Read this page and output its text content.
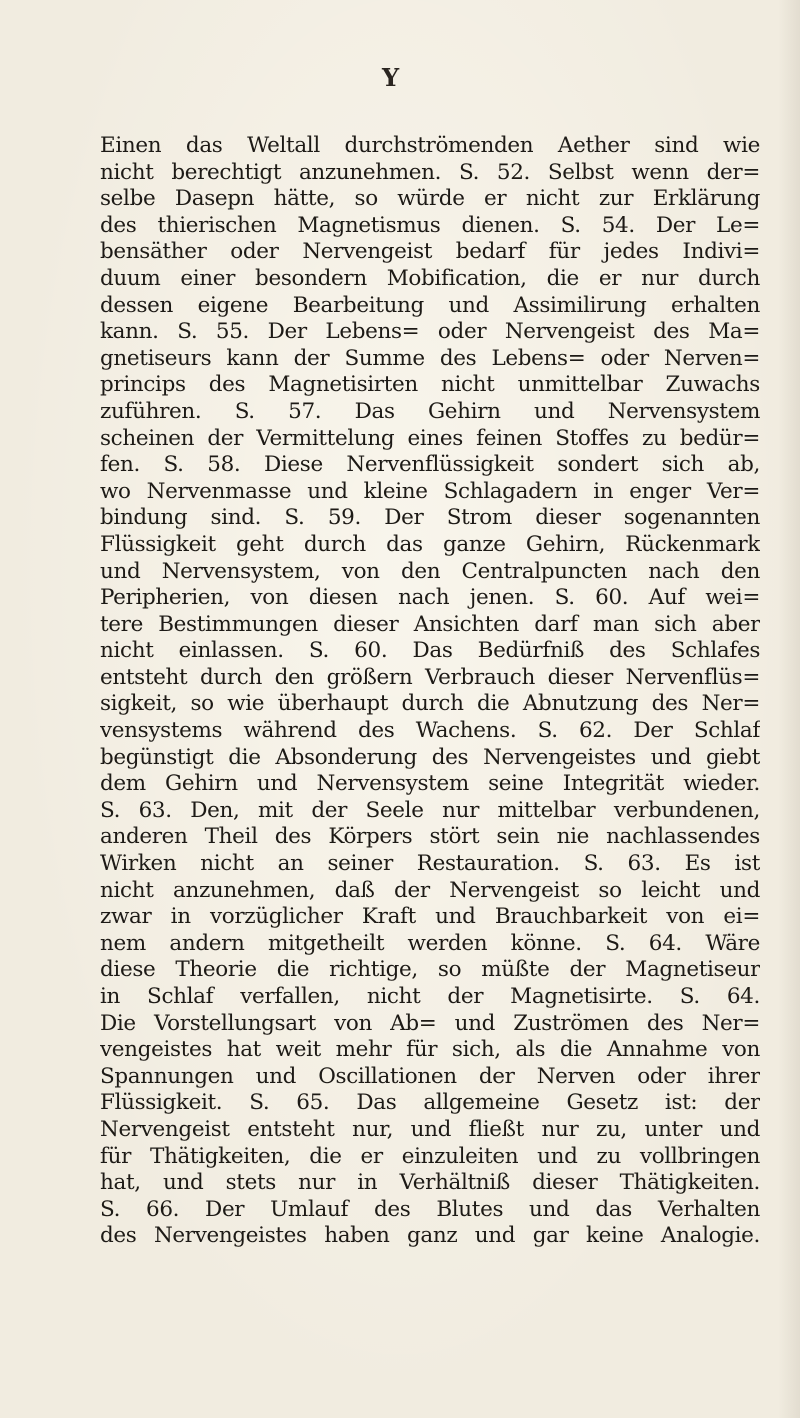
Y
Einen das Weltall durchströmenden Aether sind wie
nicht berechtigt anzunehmen. S. 52. Selbst wenn der=
selbe Dasepn hätte, so würde er nicht zur Erklärung
des thierischen Magnetismus dienen. S. 54. Der Le=
bensäther oder Nervengeist bedarf für jedes Indivi=
duum einer besondern Mobification, die er nur durch
dessen eigene Bearbeitung und Assimilirung erhalten
kann. S. 55. Der Lebens= oder Nervengeist des Ma=
gnetiseurs kann der Summe des Lebens= oder Nerven=
princips des Magnetisirten nicht unmittelbar Zuwachs
zuführen. S. 57. Das Gehirn und Nervensystem
scheinen der Vermittelung eines feinen Stoffes zu bedür=
fen. S. 58. Diese Nervenflüssigkeit sondert sich ab,
wo Nervenmasse und kleine Schlagadern in enger Ver=
bindung sind. S. 59. Der Strom dieser sogenannten
Flüssigkeit geht durch das ganze Gehirn, Rückenmark
und Nervensystem, von den Centralpuncten nach den
Peripherien, von diesen nach jenen. S. 60. Auf wei=
tere Bestimmungen dieser Ansichten darf man sich aber
nicht einlassen. S. 60. Das Bedürfniß des Schlafes
entsteht durch den größern Verbrauch dieser Nervenflüs=
sigkeit, so wie überhaupt durch die Abnutzung des Ner=
vensystems während des Wachens. S. 62. Der Schlaf
begünstigt die Absonderung des Nervengeistes und giebt
dem Gehirn und Nervensystem seine Integrität wieder.
S. 63. Den, mit der Seele nur mittelbar verbundenen,
anderen Theil des Körpers stört sein nie nachlassendes
Wirken nicht an seiner Restauration. S. 63. Es ist
nicht anzunehmen, daß der Nervengeist so leicht und
zwar in vorzüglicher Kraft und Brauchbarkeit von ei=
nem andern mitgetheilt werden könne. S. 64. Wäre
diese Theorie die richtige, so müßte der Magnetiseur
in Schlaf verfallen, nicht der Magnetisirte. S. 64.
Die Vorstellungsart von Ab= und Zuströmen des Ner=
vengeistes hat weit mehr für sich, als die Annahme von
Spannungen und Oscillationen der Nerven oder ihrer
Flüssigkeit. S. 65. Das allgemeine Gesetz ist: der
Nervengeist entsteht nur, und fließt nur zu, unter und
für Thätigkeiten, die er einzuleiten und zu vollbringen
hat, und stets nur in Verhältniß dieser Thätigkeiten.
S. 66. Der Umlauf des Blutes und das Verhalten
des Nervengeistes haben ganz und gar keine Analogie.
